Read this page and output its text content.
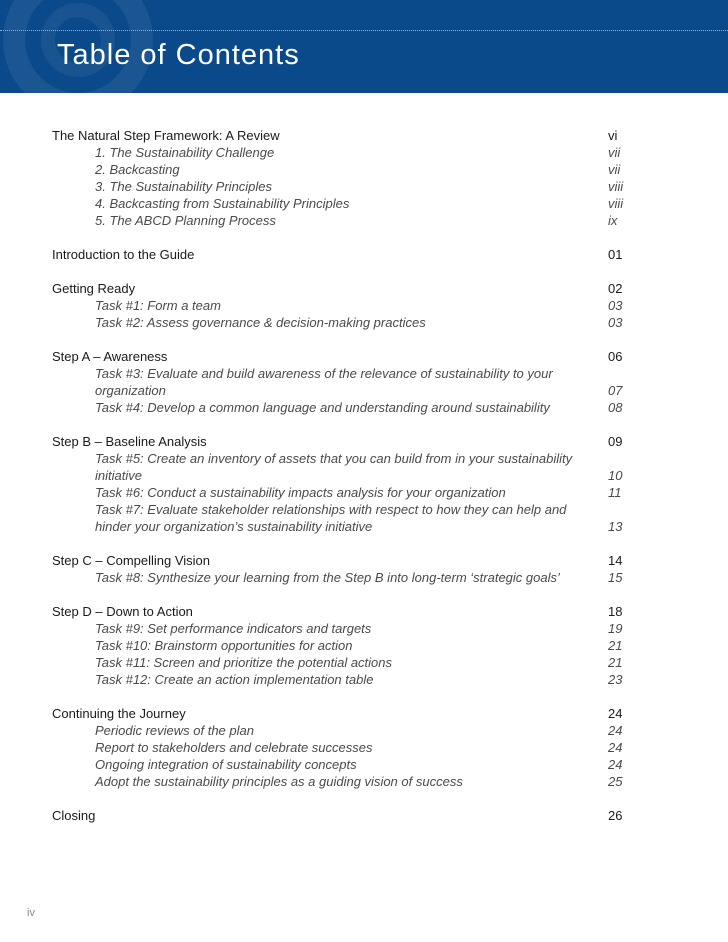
Table of Contents
The Natural Step Framework: A Review	vi
1. The Sustainability Challenge	vii
2. Backcasting	vii
3. The Sustainability Principles	viii
4. Backcasting from Sustainability Principles	viii
5. The ABCD Planning Process	ix
Introduction to the Guide	01
Getting Ready	02
Task #1: Form a team	03
Task #2: Assess governance & decision-making practices	03
Step A – Awareness	06
Task #3: Evaluate and build awareness of the relevance of sustainability to your organization	07
Task #4: Develop a common language and understanding around sustainability	08
Step B – Baseline Analysis	09
Task #5: Create an inventory of assets that you can build from in your sustainability initiative	10
Task #6: Conduct a sustainability impacts analysis for your organization	11
Task #7: Evaluate stakeholder relationships with respect to how they can help and hinder your organization’s sustainability initiative	13
Step C – Compelling Vision	14
Task #8: Synthesize your learning from the Step B into long-term ‘strategic goals’	15
Step D – Down to Action	18
Task #9: Set performance indicators and targets	19
Task #10: Brainstorm opportunities for action	21
Task #11: Screen and prioritize the potential actions	21
Task #12: Create an action implementation table	23
Continuing the Journey	24
Periodic reviews of the plan	24
Report to stakeholders and celebrate successes	24
Ongoing integration of sustainability concepts	24
Adopt the sustainability principles as a guiding vision of success	25
Closing	26
iv
